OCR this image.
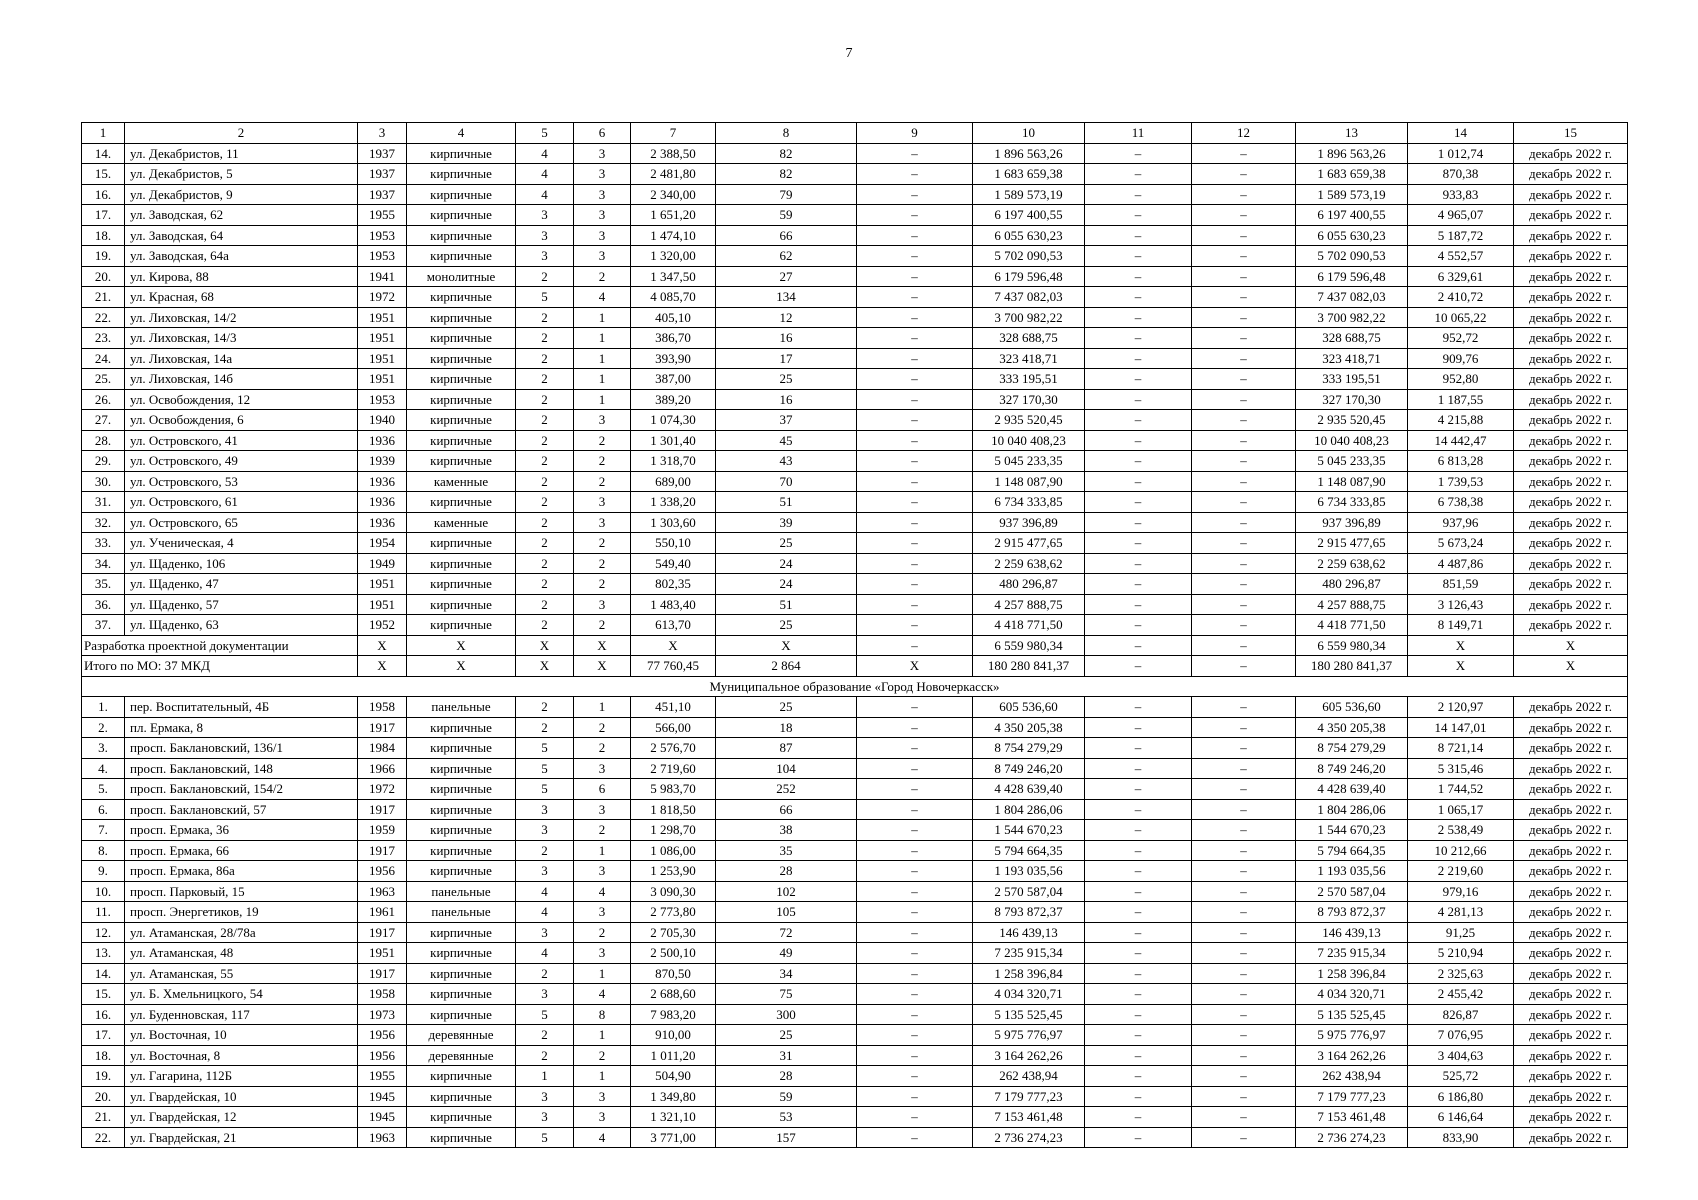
7
1	2	3	4	5	6	7	8	9	10	11	12	13	14	15
14.	ул. Декабристов, 11	1937	кирпичные	4	3	2 388,50	82	–	1 896 563,26	–	–	1 896 563,26	1 012,74	декабрь 2022 г.
15.	ул. Декабристов, 5	1937	кирпичные	4	3	2 481,80	82	–	1 683 659,38	–	–	1 683 659,38	870,38	декабрь 2022 г.
16.	ул. Декабристов, 9	1937	кирпичные	4	3	2 340,00	79	–	1 589 573,19	–	–	1 589 573,19	933,83	декабрь 2022 г.
17.	ул. Заводская, 62	1955	кирпичные	3	3	1 651,20	59	–	6 197 400,55	–	–	6 197 400,55	4 965,07	декабрь 2022 г.
18.	ул. Заводская, 64	1953	кирпичные	3	3	1 474,10	66	–	6 055 630,23	–	–	6 055 630,23	5 187,72	декабрь 2022 г.
19.	ул. Заводская, 64а	1953	кирпичные	3	3	1 320,00	62	–	5 702 090,53	–	–	5 702 090,53	4 552,57	декабрь 2022 г.
20.	ул. Кирова, 88	1941	монолитные	2	2	1 347,50	27	–	6 179 596,48	–	–	6 179 596,48	6 329,61	декабрь 2022 г.
21.	ул. Красная, 68	1972	кирпичные	5	4	4 085,70	134	–	7 437 082,03	–	–	7 437 082,03	2 410,72	декабрь 2022 г.
22.	ул. Лиховская, 14/2	1951	кирпичные	2	1	405,10	12	–	3 700 982,22	–	–	3 700 982,22	10 065,22	декабрь 2022 г.
23.	ул. Лиховская, 14/3	1951	кирпичные	2	1	386,70	16	–	328 688,75	–	–	328 688,75	952,72	декабрь 2022 г.
24.	ул. Лиховская, 14а	1951	кирпичные	2	1	393,90	17	–	323 418,71	–	–	323 418,71	909,76	декабрь 2022 г.
25.	ул. Лиховская, 14б	1951	кирпичные	2	1	387,00	25	–	333 195,51	–	–	333 195,51	952,80	декабрь 2022 г.
26.	ул. Освобождения, 12	1953	кирпичные	2	1	389,20	16	–	327 170,30	–	–	327 170,30	1 187,55	декабрь 2022 г.
27.	ул. Освобождения, 6	1940	кирпичные	2	3	1 074,30	37	–	2 935 520,45	–	–	2 935 520,45	4 215,88	декабрь 2022 г.
28.	ул. Островского, 41	1936	кирпичные	2	2	1 301,40	45	–	10 040 408,23	–	–	10 040 408,23	14 442,47	декабрь 2022 г.
29.	ул. Островского, 49	1939	кирпичные	2	2	1 318,70	43	–	5 045 233,35	–	–	5 045 233,35	6 813,28	декабрь 2022 г.
30.	ул. Островского, 53	1936	каменные	2	2	689,00	70	–	1 148 087,90	–	–	1 148 087,90	1 739,53	декабрь 2022 г.
31.	ул. Островского, 61	1936	кирпичные	2	3	1 338,20	51	–	6 734 333,85	–	–	6 734 333,85	6 738,38	декабрь 2022 г.
32.	ул. Островского, 65	1936	каменные	2	3	1 303,60	39	–	937 396,89	–	–	937 396,89	937,96	декабрь 2022 г.
33.	ул. Ученическая, 4	1954	кирпичные	2	2	550,10	25	–	2 915 477,65	–	–	2 915 477,65	5 673,24	декабрь 2022 г.
34.	ул. Щаденко, 106	1949	кирпичные	2	2	549,40	24	–	2 259 638,62	–	–	2 259 638,62	4 487,86	декабрь 2022 г.
35.	ул. Щаденко, 47	1951	кирпичные	2	2	802,35	24	–	480 296,87	–	–	480 296,87	851,59	декабрь 2022 г.
36.	ул. Щаденко, 57	1951	кирпичные	2	3	1 483,40	51	–	4 257 888,75	–	–	4 257 888,75	3 126,43	декабрь 2022 г.
37.	ул. Щаденко, 63	1952	кирпичные	2	2	613,70	25	–	4 418 771,50	–	–	4 418 771,50	8 149,71	декабрь 2022 г.
Разработка проектной документации		X	X	X	X	X	X	–	6 559 980,34	–	–	6 559 980,34	X	X
Итого по МО: 37 МКД		X	X	X	X	77 760,45	2 864	X	180 280 841,37	–	–	180 280 841,37	X	X
Муниципальное образование «Город Новочеркасск»														
1.	пер. Воспитательный, 4Б	1958	панельные	2	1	451,10	25	–	605 536,60	–	–	605 536,60	2 120,97	декабрь 2022 г.
2.	пл. Ермака, 8	1917	кирпичные	2	2	566,00	18	–	4 350 205,38	–	–	4 350 205,38	14 147,01	декабрь 2022 г.
3.	просп. Баклановский, 136/1	1984	кирпичные	5	2	2 576,70	87	–	8 754 279,29	–	–	8 754 279,29	8 721,14	декабрь 2022 г.
4.	просп. Баклановский, 148	1966	кирпичные	5	3	2 719,60	104	–	8 749 246,20	–	–	8 749 246,20	5 315,46	декабрь 2022 г.
5.	просп. Баклановский, 154/2	1972	кирпичные	5	6	5 983,70	252	–	4 428 639,40	–	–	4 428 639,40	1 744,52	декабрь 2022 г.
6.	просп. Баклановский, 57	1917	кирпичные	3	3	1 818,50	66	–	1 804 286,06	–	–	1 804 286,06	1 065,17	декабрь 2022 г.
7.	просп. Ермака, 36	1959	кирпичные	3	2	1 298,70	38	–	1 544 670,23	–	–	1 544 670,23	2 538,49	декабрь 2022 г.
8.	просп. Ермака, 66	1917	кирпичные	2	1	1 086,00	35	–	5 794 664,35	–	–	5 794 664,35	10 212,66	декабрь 2022 г.
9.	просп. Ермака, 86а	1956	кирпичные	3	3	1 253,90	28	–	1 193 035,56	–	–	1 193 035,56	2 219,60	декабрь 2022 г.
10.	просп. Парковый, 15	1963	панельные	4	4	3 090,30	102	–	2 570 587,04	–	–	2 570 587,04	979,16	декабрь 2022 г.
11.	просп. Энергетиков, 19	1961	панельные	4	3	2 773,80	105	–	8 793 872,37	–	–	8 793 872,37	4 281,13	декабрь 2022 г.
12.	ул. Атаманская, 28/78а	1917	кирпичные	3	2	2 705,30	72	–	146 439,13	–	–	146 439,13	91,25	декабрь 2022 г.
13.	ул. Атаманская, 48	1951	кирпичные	4	3	2 500,10	49	–	7 235 915,34	–	–	7 235 915,34	5 210,94	декабрь 2022 г.
14.	ул. Атаманская, 55	1917	кирпичные	2	1	870,50	34	–	1 258 396,84	–	–	1 258 396,84	2 325,63	декабрь 2022 г.
15.	ул. Б. Хмельницкого, 54	1958	кирпичные	3	4	2 688,60	75	–	4 034 320,71	–	–	4 034 320,71	2 455,42	декабрь 2022 г.
16.	ул. Буденновская, 117	1973	кирпичные	5	8	7 983,20	300	–	5 135 525,45	–	–	5 135 525,45	826,87	декабрь 2022 г.
17.	ул. Восточная, 10	1956	деревянные	2	1	910,00	25	–	5 975 776,97	–	–	5 975 776,97	7 076,95	декабрь 2022 г.
18.	ул. Восточная, 8	1956	деревянные	2	2	1 011,20	31	–	3 164 262,26	–	–	3 164 262,26	3 404,63	декабрь 2022 г.
19.	ул. Гагарина, 112Б	1955	кирпичные	1	1	504,90	28	–	262 438,94	–	–	262 438,94	525,72	декабрь 2022 г.
20.	ул. Гвардейская, 10	1945	кирпичные	3	3	1 349,80	59	–	7 179 777,23	–	–	7 179 777,23	6 186,80	декабрь 2022 г.
21.	ул. Гвардейская, 12	1945	кирпичные	3	3	1 321,10	53	–	7 153 461,48	–	–	7 153 461,48	6 146,64	декабрь 2022 г.
22.	ул. Гвардейская, 21	1963	кирпичные	5	4	3 771,00	157	–	2 736 274,23	–	–	2 736 274,23	833,90	декабрь 2022 г.
